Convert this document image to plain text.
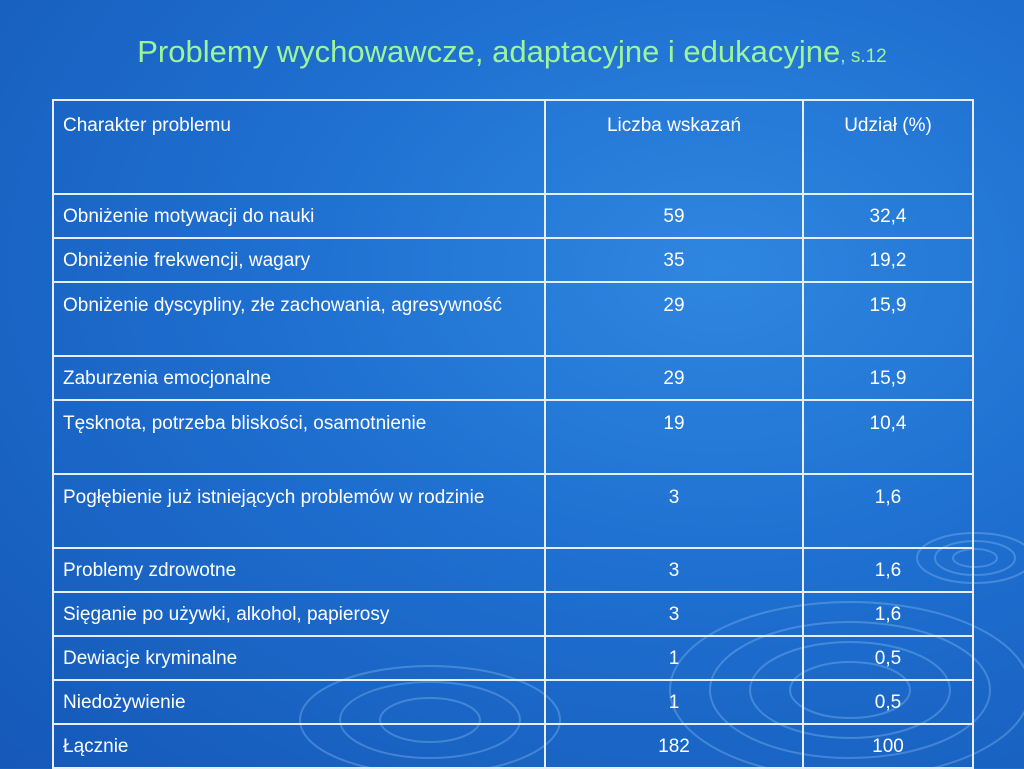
Problemy wychowawcze, adaptacyjne i edukacyjne, s.12
Charakter problemu	Liczba wskazań	Udział (%)
Obniżenie motywacji do nauki	59	32,4
Obniżenie frekwencji, wagary	35	19,2
Obniżenie dyscypliny, złe zachowania, agresywność	29	15,9
Zaburzenia emocjonalne	29	15,9
Tęsknota, potrzeba bliskości, osamotnienie	19	10,4
Pogłębienie już istniejących problemów w rodzinie	3	1,6
Problemy zdrowotne	3	1,6
Sięganie po używki, alkohol, papierosy	3	1,6
Dewiacje kryminalne	1	0,5
Niedożywienie	1	0,5
Łącznie	182	100
